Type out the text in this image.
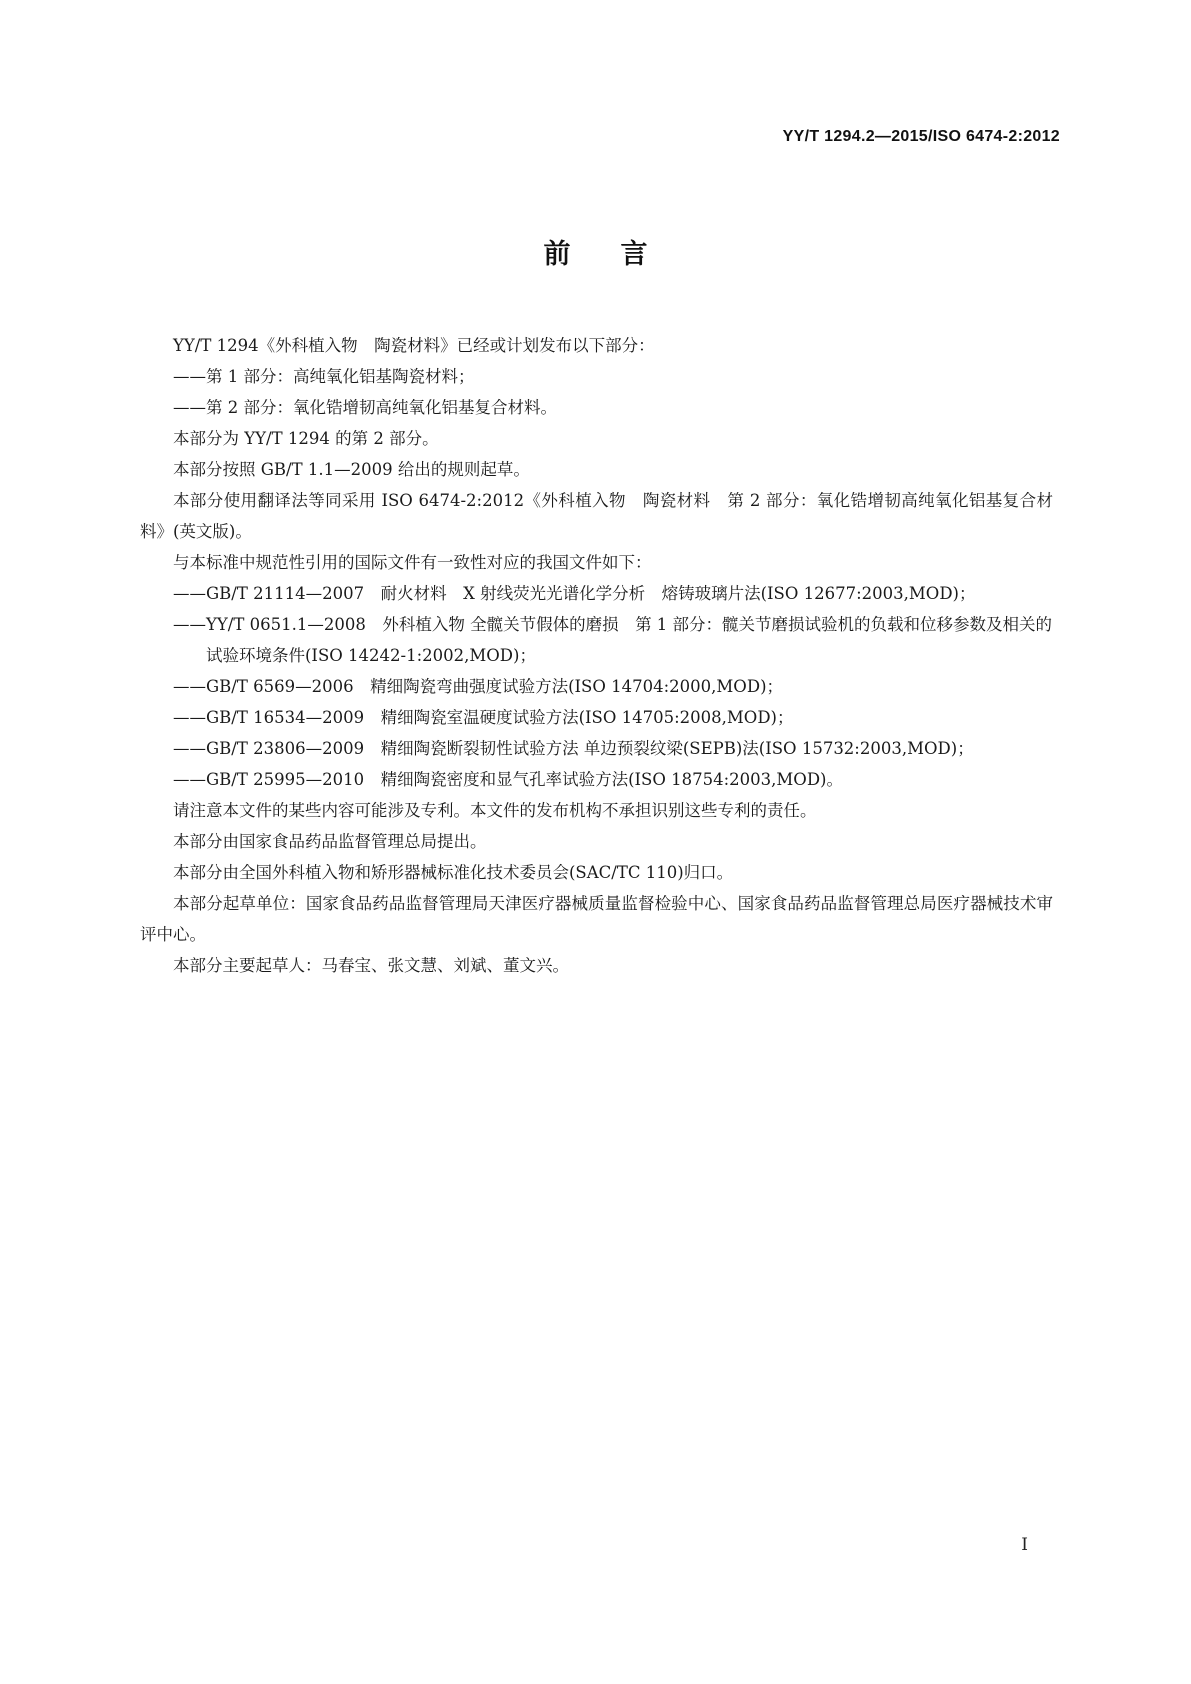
YY/T 1294.2—2015/ISO 6474-2:2012
前言

YY/T 1294《外科植入物　陶瓷材料》已经或计划发布以下部分：

——第 1 部分：高纯氧化铝基陶瓷材料；

——第 2 部分：氧化锆增韧高纯氧化铝基复合材料。

本部分为 YY/T 1294 的第 2 部分。

本部分按照 GB/T 1.1—2009 给出的规则起草。

本部分使用翻译法等同采用 ISO 6474-2:2012《外科植入物　陶瓷材料　第 2 部分：氧化锆增韧高纯氧化铝基复合材料》(英文版)。

与本标准中规范性引用的国际文件有一致性对应的我国文件如下：

——GB/T 21114—2007　耐火材料　X 射线荧光光谱化学分析　熔铸玻璃片法(ISO 12677:2003,MOD)；

——YY/T 0651.1—2008　外科植入物 全髋关节假体的磨损　第 1 部分：髋关节磨损试验机的负载和位移参数及相关的试验环境条件(ISO 14242-1:2002,MOD)；

——GB/T 6569—2006　精细陶瓷弯曲强度试验方法(ISO 14704:2000,MOD)；

——GB/T 16534—2009　精细陶瓷室温硬度试验方法(ISO 14705:2008,MOD)；

——GB/T 23806—2009　精细陶瓷断裂韧性试验方法 单边预裂纹梁(SEPB)法(ISO 15732:2003,MOD)；

——GB/T 25995—2010　精细陶瓷密度和显气孔率试验方法(ISO 18754:2003,MOD)。

请注意本文件的某些内容可能涉及专利。本文件的发布机构不承担识别这些专利的责任。

本部分由国家食品药品监督管理总局提出。

本部分由全国外科植入物和矫形器械标准化技术委员会(SAC/TC 110)归口。

本部分起草单位：国家食品药品监督管理局天津医疗器械质量监督检验中心、国家食品药品监督管理总局医疗器械技术审评中心。

本部分主要起草人：马春宝、张文慧、刘斌、董文兴。

I
